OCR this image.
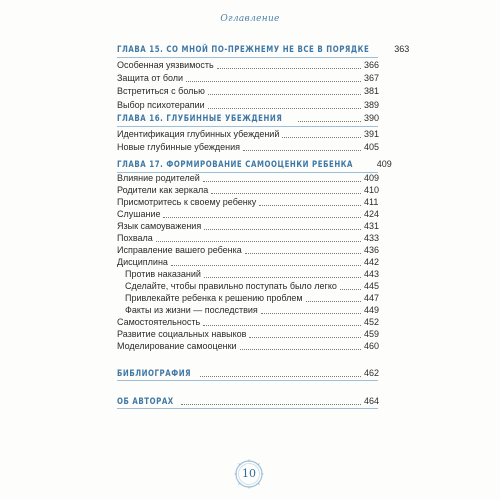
Оглавление
ГЛАВА 15. СО МНОЙ ПО-ПРЕЖНЕМУ НЕ ВСЕ В ПОРЯДКЕ	363
Особенная уязвимость	366
Защита от боли	367
Встретиться с болью	381
Выбор психотерапии	389
ГЛАВА 16. ГЛУБИННЫЕ УБЕЖДЕНИЯ	390
Идентификация глубинных убеждений	391
Новые глубинные убеждения	405
ГЛАВА 17. ФОРМИРОВАНИЕ САМООЦЕНКИ РЕБЕНКА	409
Влияние родителей	409
Родители как зеркала	410
Присмотритесь к своему ребенку	411
Слушание	424
Язык самоуважения	431
Похвала	433
Исправление вашего ребенка	436
Дисциплина	442
Против наказаний	443
Сделайте, чтобы правильно поступать было легко	445
Привлекайте ребенка к решению проблем	447
Факты из жизни — последствия	449
Самостоятельность	452
Развитие социальных навыков	459
Моделирование самооценки	460
БИБЛИОГРАФИЯ	462
ОБ АВТОРАХ	464
10
